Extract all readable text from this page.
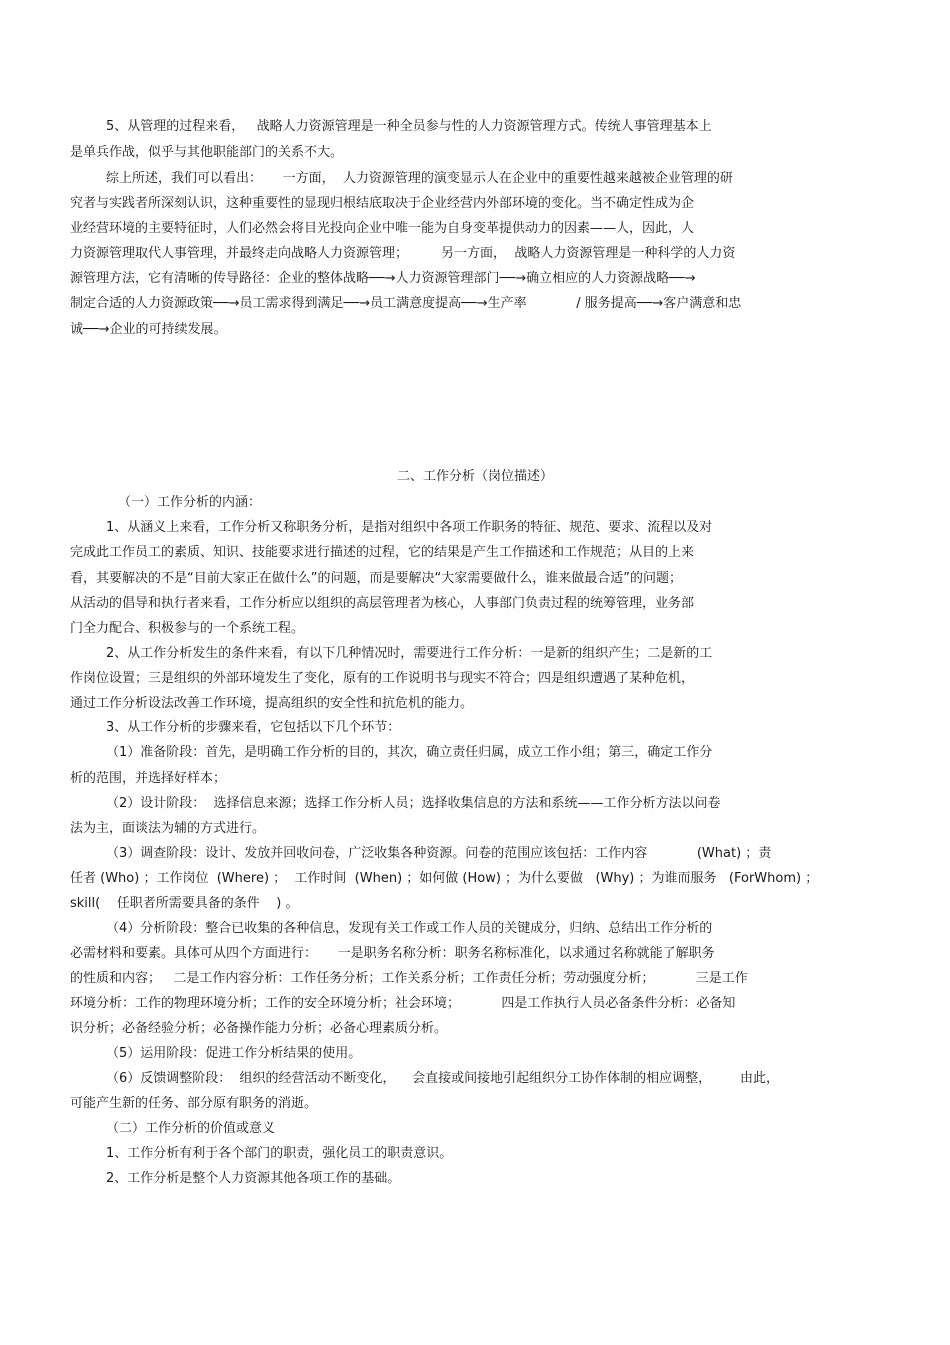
5、从管理的过程来看，   战略人力资源管理是一种全员参与性的人力资源管理方式。传统人事管理基本上
是单兵作战，似乎与其他职能部门的关系不大。
综上所述，我们可以看出：     一方面，  人力资源管理的演变显示人在企业中的重要性越来越被企业管理的研
究者与实践者所深刻认识，这种重要性的显现归根结底取决于企业经营内外部环境的变化。当不确定性成为企
业经营环境的主要特征时，人们必然会将目光投向企业中唯一能为自身变革提供动力的因素——人，因此，人
力资源管理取代人事管理，并最终走向战略人力资源管理；        另一方面，  战略人力资源管理是一种科学的人力资
源管理方法，它有清晰的传导路径：企业的整体战略──→人力资源管理部门──→确立相应的人力资源战略──→
制定合适的人力资源政策──→员工需求得到满足──→员工满意度提高──→生产率            / 服务提高──→客户满意和忠
诚──→企业的可持续发展。
二、工作分析（岗位描述）
（一）工作分析的内涵：
1、从涵义上来看，工作分析又称职务分析，是指对组织中各项工作职务的特征、规范、要求、流程以及对
完成此工作员工的素质、知识、技能要求进行描述的过程，它的结果是产生工作描述和工作规范；从目的上来
看，其要解决的不是“目前大家正在做什么”的问题，而是要解决“大家需要做什么，谁来做最合适”的问题；
从活动的倡导和执行者来看，工作分析应以组织的高层管理者为核心，人事部门负责过程的统筹管理，业务部
门全力配合、积极参与的一个系统工程。
2、从工作分析发生的条件来看，有以下几种情况时，需要进行工作分析：一是新的组织产生；二是新的工
作岗位设置；三是组织的外部环境发生了变化，原有的工作说明书与现实不符合；四是组织遭遇了某种危机，
通过工作分析设法改善工作环境，提高组织的安全性和抗危机的能力。
3、从工作分析的步骤来看，它包括以下几个环节：
（1）准备阶段：首先，是明确工作分析的目的，其次，确立责任归属，成立工作小组；第三，确定工作分
析的范围，并选择好样本；
（2）设计阶段：  选择信息来源；选择工作分析人员；选择收集信息的方法和系统——工作分析方法以问卷
法为主，面谈法为辅的方式进行。
（3）调查阶段：设计、发放并回收问卷，广泛收集各种资源。问卷的范围应该包括：工作内容            (What) ；责
任者 (Who) ；工作岗位  (Where) ；  工作时间  (When) ；如何做 (How) ；为什么要做   (Why) ；为谁而服务   (ForWhom) ；
skill(    任职者所需要具备的条件    ) 。
（4）分析阶段：整合已收集的各种信息，发现有关工作或工作人员的关键成分，归纳、总结出工作分析的
必需材料和要素。具体可从四个方面进行：     一是职务名称分析：职务名称标准化，以求通过名称就能了解职务
的性质和内容；   二是工作内容分析：工作任务分析；工作关系分析；工作责任分析；劳动强度分析；          三是工作
环境分析：工作的物理环境分析；工作的安全环境分析；社会环境；          四是工作执行人员必备条件分析：必备知
识分析；必备经验分析；必备操作能力分析；必备心理素质分析。
（5）运用阶段：促进工作分析结果的使用。
（6）反馈调整阶段：  组织的经营活动不断变化，    会直接或间接地引起组织分工协作体制的相应调整，       由此，
可能产生新的任务、部分原有职务的消逝。
（二）工作分析的价值或意义
1、工作分析有利于各个部门的职责，强化员工的职责意识。
2、工作分析是整个人力资源其他各项工作的基础。
